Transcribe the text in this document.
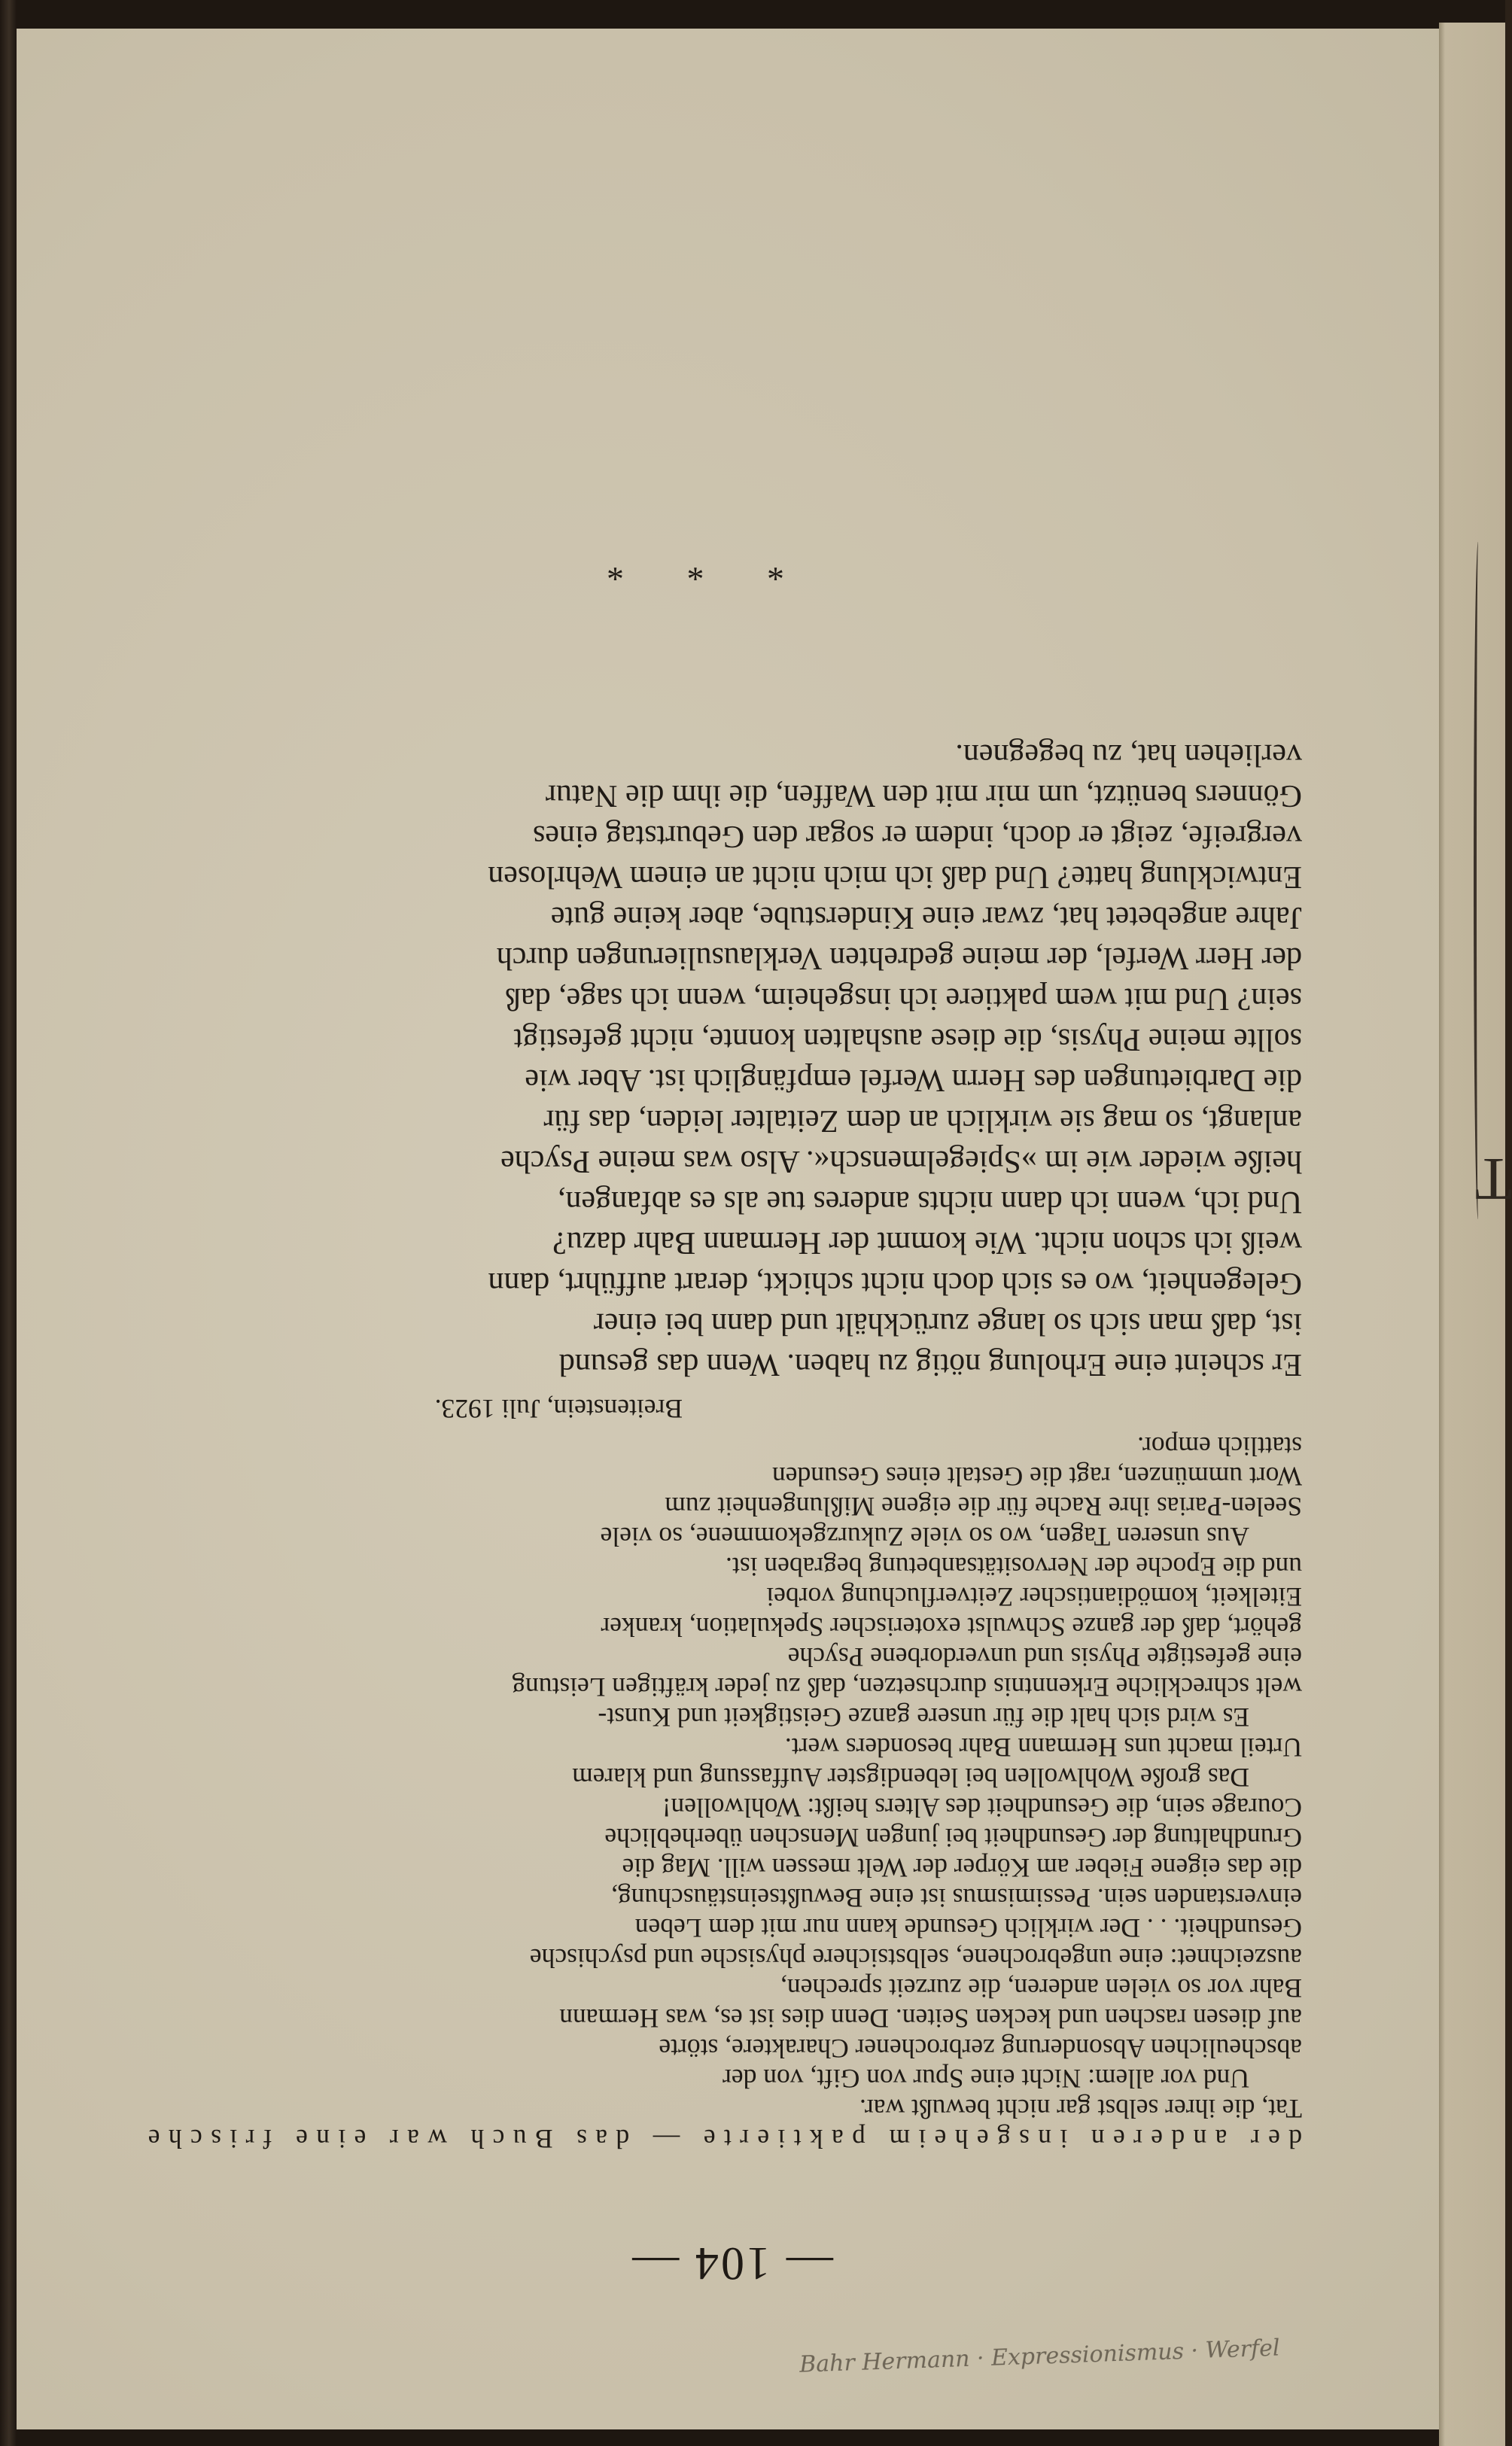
— 104 —
der anderen insgeheim paktierte — das Buch war eine frische
Tat, die ihrer selbst gar nicht bewußt war.
Und vor allem: Nicht eine Spur von Gift, von der
abscheulichen Absonderung zerbrochener Charaktere, störte
auf diesen raschen und kecken Seiten. Denn dies ist es, was Hermann
Bahr vor so vielen anderen, die zurzeit sprechen,
auszeichnet: eine ungebrochene, selbstsichere physische und psychische
Gesundheit. . . Der wirklich Gesunde kann nur mit dem Leben
einverstanden sein. Pessimismus ist eine Bewußtseinstäuschung,
die das eigene Fieber am Körper der Welt messen will. Mag die
Grundhaltung der Gesundheit bei jungen Menschen überhebliche
Courage sein, die Gesundheit des Alters heißt: Wohlwollen!
Das große Wohlwollen bei lebendigster Auffassung und klarem
Urteil macht uns Hermann Bahr besonders wert.
Es wird sich halt die für unsere ganze Geistigkeit und Kunst-
welt schreckliche Erkenntnis durchsetzen, daß zu jeder kräftigen Leistung
eine gefestigte Physis und unverdorbene Psyche
gehört, daß der ganze Schwulst exoterischer Spekulation, kranker
Eitelkeit, komödiantischer Zeitverfluchung vorbei
und die Epoche der Nervositätsanbetung begraben ist.
Aus unseren Tagen, wo so viele Zukurzgekommene, so viele
Seelen-Parias ihre Rache für die eigene Mißlungenheit zum
Wort ummünzen, ragt die Gestalt eines Gesunden
stattlich empor.
Breitenstein, Juli 1923.
Er scheint eine Erholung nötig zu haben. Wenn das gesund
ist, daß man sich so lange zurückhält und dann bei einer
Gelegenheit, wo es sich doch nicht schickt, derart aufführt, dann
weiß ich schon nicht. Wie kommt der Hermann Bahr dazu?
Und ich, wenn ich dann nichts anderes tue als es abfangen,
heiße wieder wie im »Spiegelmensch«. Also was meine Psyche
anlangt, so mag sie wirklich an dem Zeitalter leiden, das für
die Darbietungen des Herrn Werfel empfänglich ist. Aber wie
sollte meine Physis, die diese aushalten konnte, nicht gefestigt
sein? Und mit wem paktiere ich insgeheim, wenn ich sage, daß
der Herr Werfel, der meine gedrehten Verklausulierungen durch
Jahre angebetet hat, zwar eine Kinderstube, aber keine gute
Entwicklung hatte? Und daß ich mich nicht an einem Wehrlosen
vergreife, zeigt er doch, indem er sogar den Geburtstag eines
Gönners benützt, um mir mit den Waffen, die ihm die Natur
verliehen hat, zu begegnen.
* * *
Bahr Hermann · Expressionismus · Werfel
T
